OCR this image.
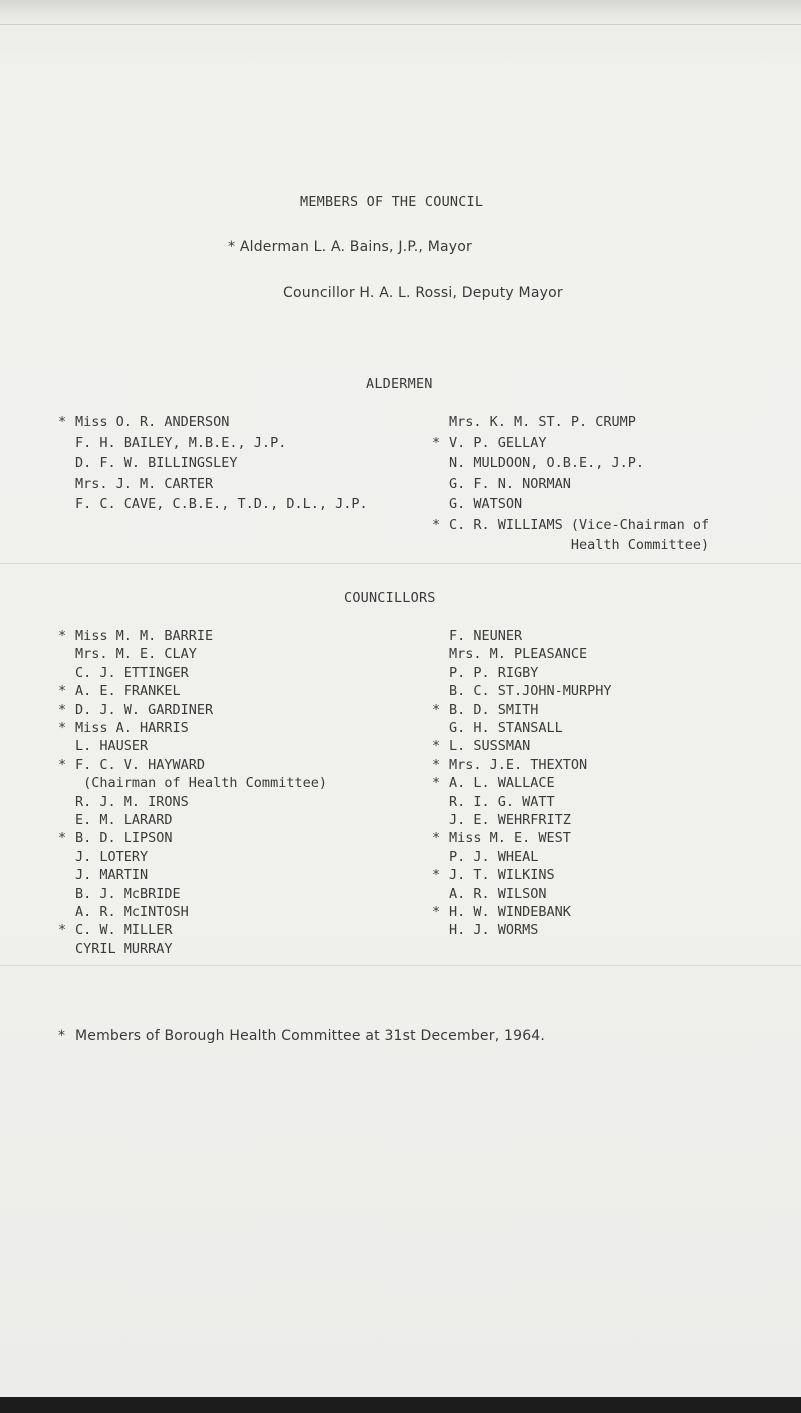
MEMBERS OF THE COUNCIL
* Alderman L. A. Bains, J.P., Mayor
Councillor H. A. L. Rossi, Deputy Mayor
ALDERMEN
* Miss O. R. ANDERSON
F. H. BAILEY, M.B.E., J.P.
D. F. W. BILLINGSLEY
Mrs. J. M. CARTER
F. C. CAVE, C.B.E., T.D., D.L., J.P.
Mrs. K. M. ST. P. CRUMP
* V. P. GELLAY
N. MULDOON, O.B.E., J.P.
G. F. N. NORMAN
G. WATSON
* C. R. WILLIAMS (Vice-Chairman of
Health Committee)
COUNCILLORS
* Miss M. M. BARRIE
Mrs. M. E. CLAY
C. J. ETTINGER
* A. E. FRANKEL
* D. J. W. GARDINER
* Miss A. HARRIS
L. HAUSER
* F. C. V. HAYWARD
(Chairman of Health Committee)
R. J. M. IRONS
E. M. LARARD
* B. D. LIPSON
J. LOTERY
J. MARTIN
B. J. McBRIDE
A. R. McINTOSH
* C. W. MILLER
CYRIL MURRAY
F. NEUNER
Mrs. M. PLEASANCE
P. P. RIGBY
B. C. ST.JOHN-MURPHY
* B. D. SMITH
G. H. STANSALL
* L. SUSSMAN
* Mrs. J.E. THEXTON
* A. L. WALLACE
R. I. G. WATT
J. E. WEHRFRITZ
* Miss M. E. WEST
P. J. WHEAL
* J. T. WILKINS
A. R. WILSON
* H. W. WINDEBANK
H. J. WORMS
* Members of Borough Health Committee at 31st December, 1964.
